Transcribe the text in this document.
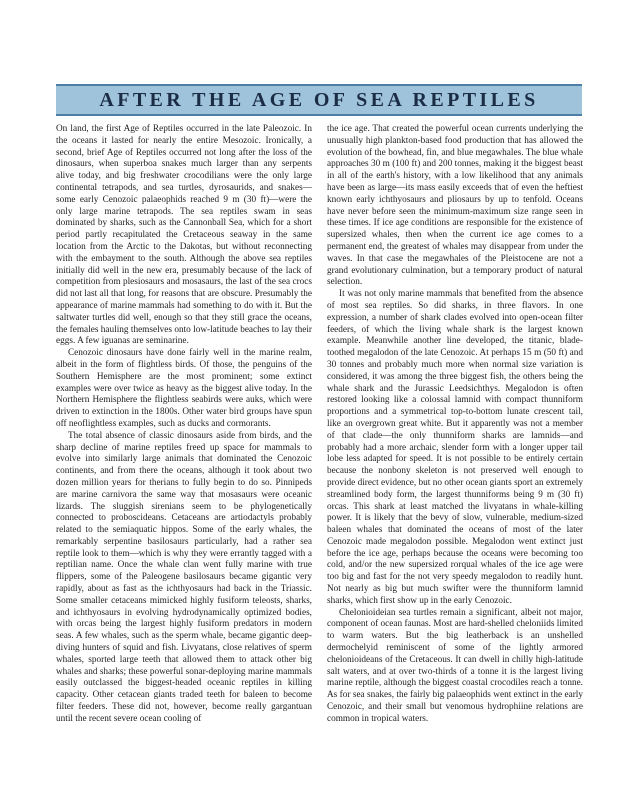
AFTER THE AGE OF SEA REPTILES

On land, the first Age of Reptiles occurred in the late Paleozoic. In the oceans it lasted for nearly the entire Mesozoic. Ironically, a second, brief Age of Reptiles occurred not long after the loss of the dinosaurs, when superboa snakes much larger than any serpents alive today, and big freshwater crocodilians were the only large continental tetrapods, and sea turtles, dyrosaurids, and snakes—some early Cenozoic palaeophids reached 9 m (30 ft)—were the only large marine tetrapods. The sea reptiles swam in seas dominated by sharks, such as the Cannonball Sea, which for a short period partly recapitulated the Cretaceous seaway in the same location from the Arctic to the Dakotas, but without reconnecting with the embayment to the south. Although the above sea reptiles initially did well in the new era, presumably because of the lack of competition from plesiosaurs and mosasaurs, the last of the sea crocs did not last all that long, for reasons that are obscure. Presumably the appearance of marine mammals had something to do with it. But the saltwater turtles did well, enough so that they still grace the oceans, the females hauling themselves onto low-latitude beaches to lay their eggs. A few iguanas are seminarine.

Cenozoic dinosaurs have done fairly well in the marine realm, albeit in the form of flightless birds. Of those, the penguins of the Southern Hemisphere are the most prominent; some extinct examples were over twice as heavy as the biggest alive today. In the Northern Hemisphere the flightless seabirds were auks, which were driven to extinction in the 1800s. Other water bird groups have spun off neoflightless examples, such as ducks and cormorants.

The total absence of classic dinosaurs aside from birds, and the sharp decline of marine reptiles freed up space for mammals to evolve into similarly large animals that dominated the Cenozoic continents, and from there the oceans, although it took about two dozen million years for therians to fully begin to do so. Pinnipeds are marine carnivora the same way that mosasaurs were oceanic lizards. The sluggish sirenians seem to be phylogenetically connected to proboscideans. Cetaceans are artiodactyls probably related to the semiaquatic hippos. Some of the early whales, the remarkably serpentine basilosaurs particularly, had a rather sea reptile look to them—which is why they were errantly tagged with a reptilian name. Once the whale clan went fully marine with true flippers, some of the Paleogene basilosaurs became gigantic very rapidly, about as fast as the ichthyosaurs had back in the Triassic. Some smaller cetaceans mimicked highly fusiform teleosts, sharks, and ichthyosaurs in evolving hydrodynamically optimized bodies, with orcas being the largest highly fusiform predators in modern seas. A few whales, such as the sperm whale, became gigantic deep-diving hunters of squid and fish. Livyatans, close relatives of sperm whales, sported large teeth that allowed them to attack other big whales and sharks; these powerful sonar-deploying marine mammals easily outclassed the biggest-headed oceanic reptiles in killing capacity. Other cetacean giants traded teeth for baleen to become filter feeders. These did not, however, become really gargantuan until the recent severe ocean cooling of

the ice age. That created the powerful ocean currents underlying the unusually high plankton-based food production that has allowed the evolution of the bowhead, fin, and blue megawhales. The blue whale approaches 30 m (100 ft) and 200 tonnes, making it the biggest beast in all of the earth's history, with a low likelihood that any animals have been as large—its mass easily exceeds that of even the heftiest known early ichthyosaurs and pliosaurs by up to tenfold. Oceans have never before seen the minimum-maximum size range seen in these times. If ice age conditions are responsible for the existence of supersized whales, then when the current ice age comes to a permanent end, the greatest of whales may disappear from under the waves. In that case the megawhales of the Pleistocene are not a grand evolutionary culmination, but a temporary product of natural selection.

It was not only marine mammals that benefited from the absence of most sea reptiles. So did sharks, in three flavors. In one expression, a number of shark clades evolved into open-ocean filter feeders, of which the living whale shark is the largest known example. Meanwhile another line developed, the titanic, blade-toothed megalodon of the late Cenozoic. At perhaps 15 m (50 ft) and 30 tonnes and probably much more when normal size variation is considered, it was among the three biggest fish, the others being the whale shark and the Jurassic Leedsichthys. Megalodon is often restored looking like a colossal lamnid with compact thunniform proportions and a symmetrical top-to-bottom lunate crescent tail, like an overgrown great white. But it apparently was not a member of that clade—the only thunniform sharks are lamnids—and probably had a more archaic, slender form with a longer upper tail lobe less adapted for speed. It is not possible to be entirely certain because the nonbony skeleton is not preserved well enough to provide direct evidence, but no other ocean giants sport an extremely streamlined body form, the largest thunniforms being 9 m (30 ft) orcas. This shark at least matched the livyatans in whale-killing power. It is likely that the bevy of slow, vulnerable, medium-sized baleen whales that dominated the oceans of most of the later Cenozoic made megalodon possible. Megalodon went extinct just before the ice age, perhaps because the oceans were becoming too cold, and/or the new supersized rorqual whales of the ice age were too big and fast for the not very speedy megalodon to readily hunt. Not nearly as big but much swifter were the thunniform lamnid sharks, which first show up in the early Cenozoic.

Chelonioideian sea turtles remain a significant, albeit not major, component of ocean faunas. Most are hard-shelled cheloniids limited to warm waters. But the big leatherback is an unshelled dermochelyid reminiscent of some of the lightly armored chelonioideans of the Cretaceous. It can dwell in chilly high-latitude salt waters, and at over two-thirds of a tonne it is the largest living marine reptile, although the biggest coastal crocodiles reach a tonne. As for sea snakes, the fairly big palaeophids went extinct in the early Cenozoic, and their small but venomous hydrophiine relations are common in tropical waters.
